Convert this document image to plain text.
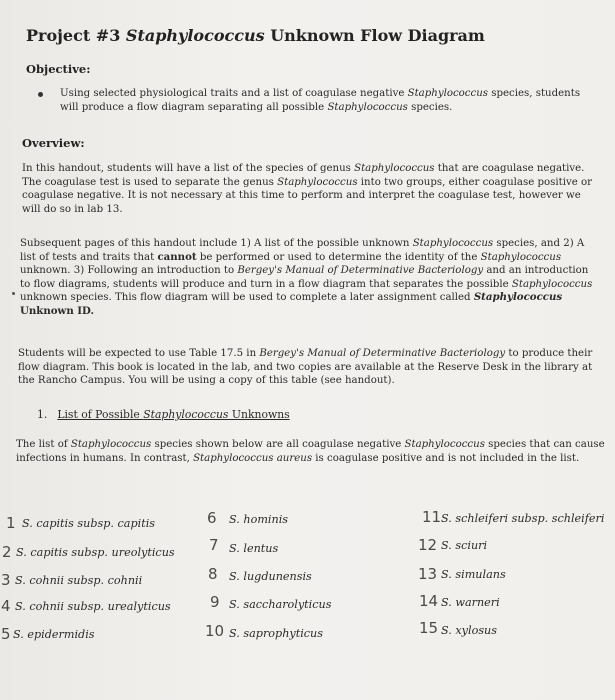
Project #3 Staphylococcus Unknown Flow Diagram
Objective:
Using selected physiological traits and a list of coagulase negative Staphylococcus species, students will produce a flow diagram separating all possible Staphylococcus species.
Overview:
In this handout, students will have a list of the species of genus Staphylococcus that are coagulase negative. The coagulase test is used to separate the genus Staphylococcus into two groups, either coagulase positive or coagulase negative. It is not necessary at this time to perform and interpret the coagulase test, however we will do so in lab 13.
Subsequent pages of this handout include 1) A list of the possible unknown Staphylococcus species, and 2) A list of tests and traits that cannot be performed or used to determine the identity of the Staphylococcus unknown. 3) Following an introduction to Bergey's Manual of Determinative Bacteriology and an introduction to flow diagrams, students will produce and turn in a flow diagram that separates the possible Staphylococcus unknown species. This flow diagram will be used to complete a later assignment called Staphylococcus Unknown ID.
Students will be expected to use Table 17.5 in Bergey's Manual of Determinative Bacteriology to produce their flow diagram. This book is located in the lab, and two copies are available at the Reserve Desk in the library at the Rancho Campus. You will be using a copy of this table (see handout).
1. List of Possible Staphylococcus Unknowns
The list of Staphylococcus species shown below are all coagulase negative Staphylococcus species that can cause infections in humans. In contrast, Staphylococcus aureus is coagulase positive and is not included in the list.
1 S. capitis subsp. capitis
2 S. capitis subsp. ureolyticus
3 S. cohnii subsp. cohnii
4 S. cohnii subsp. urealyticus
5 S. epidermidis
6 S. hominis
7 S. lentus
8 S. lugdunensis
9 S. saccharolyticus
10 S. saprophyticus
11 S. schleiferi subsp. schleiferi
12 S. sciuri
13 S. simulans
14 S. warneri
15 S. xylosus
